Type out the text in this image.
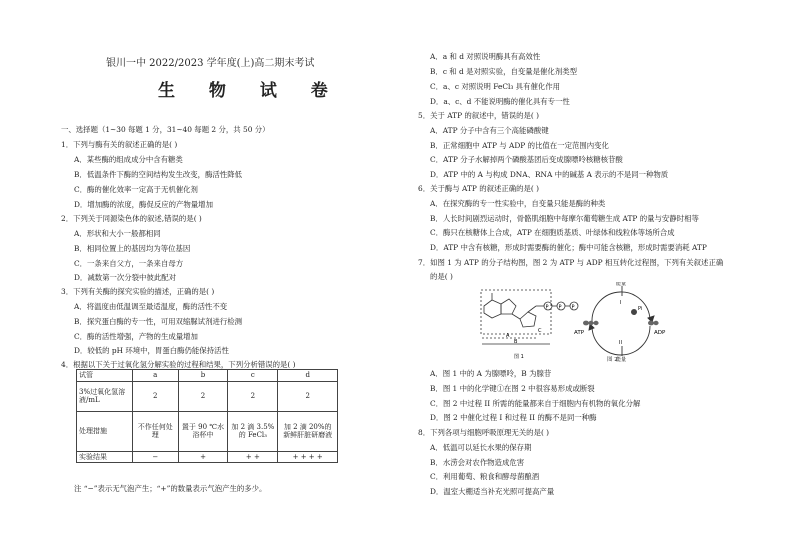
银川一中 2022/2023 学年度(上)高二期末考试
生 物 试 卷
一、选择题（1~30 每题 1 分，31~40 每题 2 分，共 50 分）
1．下列与酶有关的叙述正确的是( )
A．某些酶的组成成分中含有糖类
B．低温条件下酶的空间结构发生改变，酶活性降低
C．酶的催化效率一定高于无机催化剂
D．增加酶的浓度，酶促反应的产物量增加
2．下列关于同源染色体的叙述,错误的是( )
A．形状和大小一般都相同
B．相同位置上的基因均为等位基因
C．一条来自父方，一条来自母方
D．减数第一次分裂中彼此配对
3．下列有关酶的探究实验的描述，正确的是( )
A．将温度由低温调至最适温度，酶的活性不变
B．探究蛋白酶的专一性，可用双缩脲试剂进行检测
C．酶的活性增强，产物的生成量增加
D．较低的 pH 环境中，胃蛋白酶仍能保持活性
4．根据以下关于过氧化氢分解实验的过程和结果，下列分析错误的是( )
试管	a	b	c	d
3%过氧化氢溶液/mL	2	2	2	2
处理措施	不作任何处理	置于 90 ℃水浴杯中	加 2 滴 3.5%的 FeCl₃	加 2 滴 20%的新鲜肝脏研磨液
实验结果	−	+	+ +	+ + + +
注 “−”表示无气泡产生；“+”的数量表示气泡产生的多少。
A．a 和 d 对照说明酶具有高效性
B．c 和 d 是对照实验，自变量是催化剂类型
C．a、c 对照说明 FeCl₃ 具有催化作用
D．a、c、d 不能说明酶的催化具有专一性
5．关于 ATP 的叙述中，错误的是( )
A．ATP 分子中含有三个高能磷酸键
B．正常细胞中 ATP 与 ADP 的比值在一定范围内变化
C．ATP 分子水解掉两个磷酸基团后变成腺嘌呤核糖核苷酸
D．ATP 中的 A 与构成 DNA、RNA 中的碱基 A 表示的不是同一种物质
6．关于酶与 ATP 的叙述正确的是( )
A．在探究酶的专一性实验中，自变量只能是酶的种类
B．人长时间剧烈运动时，骨骼肌细胞中每摩尔葡萄糖生成 ATP 的量与安静时相等
C．酶只在核糖体上合成，ATP 在细胞质基质、叶绿体和线粒体等场所合成
D．ATP 中含有核糖，形成时需要酶的催化；酶中可能含核糖，形成时需要消耗 ATP
7．如图 1 为 ATP 的分子结构图，图 2 为 ATP 与 ADP 相互转化过程图，下列有关叙述正确
的是( )
P P P
A
B
C
图 1
能量
能量
ATP	ADP
Pi
I
II
图 2
A．图 1 中的 A 为腺嘌呤，B 为腺苷
B．图 1 中的化学键①在图 2 中很容易形成或断裂
C．图 2 中过程 II 所需的能量都来自于细胞内有机物的氧化分解
D．图 2 中催化过程 I 和过程 II 的酶不是同一种酶
8．下列各项与细胞呼吸原理无关的是( )
A．低温可以延长水果的保存期
B．水涝会对农作物造成危害
C．利用葡萄、粮食和酵母菌酿酒
D．温室大棚适当补充光照可提高产量
